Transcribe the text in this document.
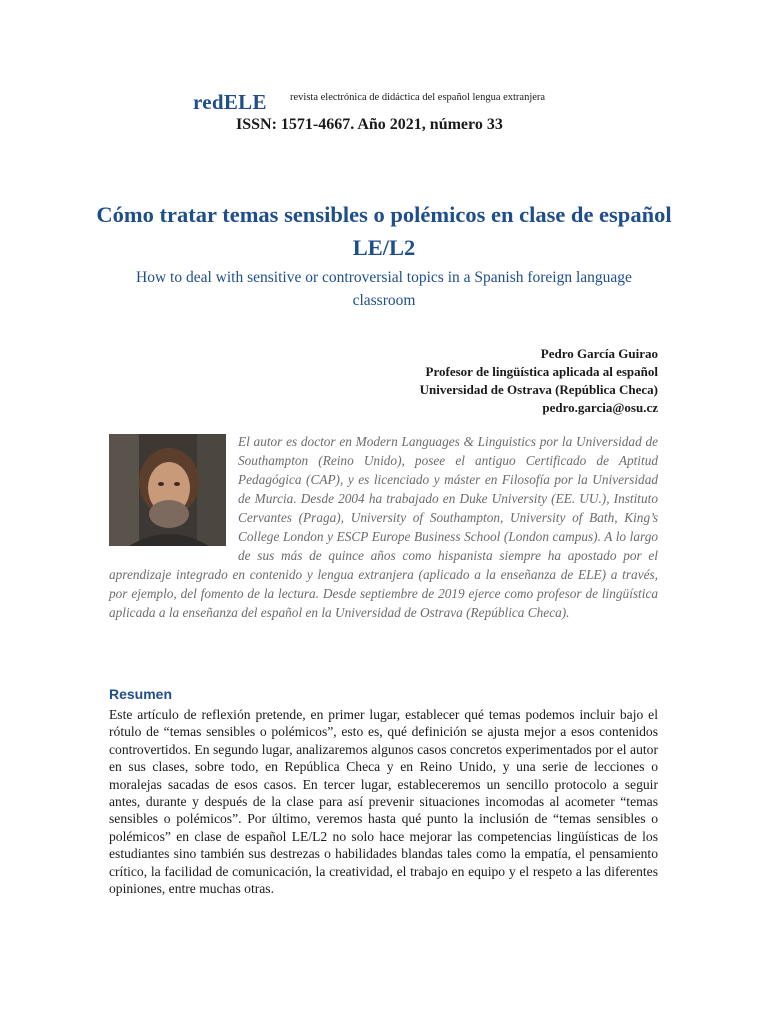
redELE revista electrónica de didáctica del español lengua extranjera
ISSN: 1571-4667. Año 2021, número 33
Cómo tratar temas sensibles o polémicos en clase de español LE/L2

How to deal with sensitive or controversial topics in a Spanish foreign language classroom

Pedro García Guirao
Profesor de lingüística aplicada al español
Universidad de Ostrava (República Checa)
pedro.garcia@osu.cz
El autor es doctor en Modern Languages & Linguistics por la Universidad de Southampton (Reino Unido), posee el antiguo Certificado de Aptitud Pedagógica (CAP), y es licenciado y máster en Filosofía por la Universidad de Murcia. Desde 2004 ha trabajado en Duke University (EE. UU.), Instituto Cervantes (Praga), University of Southampton, University of Bath, King’s College London y ESCP Europe Business School (London campus). A lo largo de sus más de quince años como hispanista siempre ha apostado por el aprendizaje integrado en contenido y lengua extranjera (aplicado a la enseñanza de ELE) a través, por ejemplo, del fomento de la lectura. Desde septiembre de 2019 ejerce como profesor de lingüística aplicada a la enseñanza del español en la Universidad de Ostrava (República Checa).
Resumen

Este artículo de reflexión pretende, en primer lugar, establecer qué temas podemos incluir bajo el rótulo de “temas sensibles o polémicos”, esto es, qué definición se ajusta mejor a esos contenidos controvertidos. En segundo lugar, analizaremos algunos casos concretos experimentados por el autor en sus clases, sobre todo, en República Checa y en Reino Unido, y una serie de lecciones o moralejas sacadas de esos casos. En tercer lugar, estableceremos un sencillo protocolo a seguir antes, durante y después de la clase para así prevenir situaciones incomodas al acometer “temas sensibles o polémicos”. Por último, veremos hasta qué punto la inclusión de “temas sensibles o polémicos” en clase de español LE/L2 no solo hace mejorar las competencias lingüísticas de los estudiantes sino también sus destrezas o habilidades blandas tales como la empatía, el pensamiento crítico, la facilidad de comunicación, la creatividad, el trabajo en equipo y el respeto a las diferentes opiniones, entre muchas otras.
